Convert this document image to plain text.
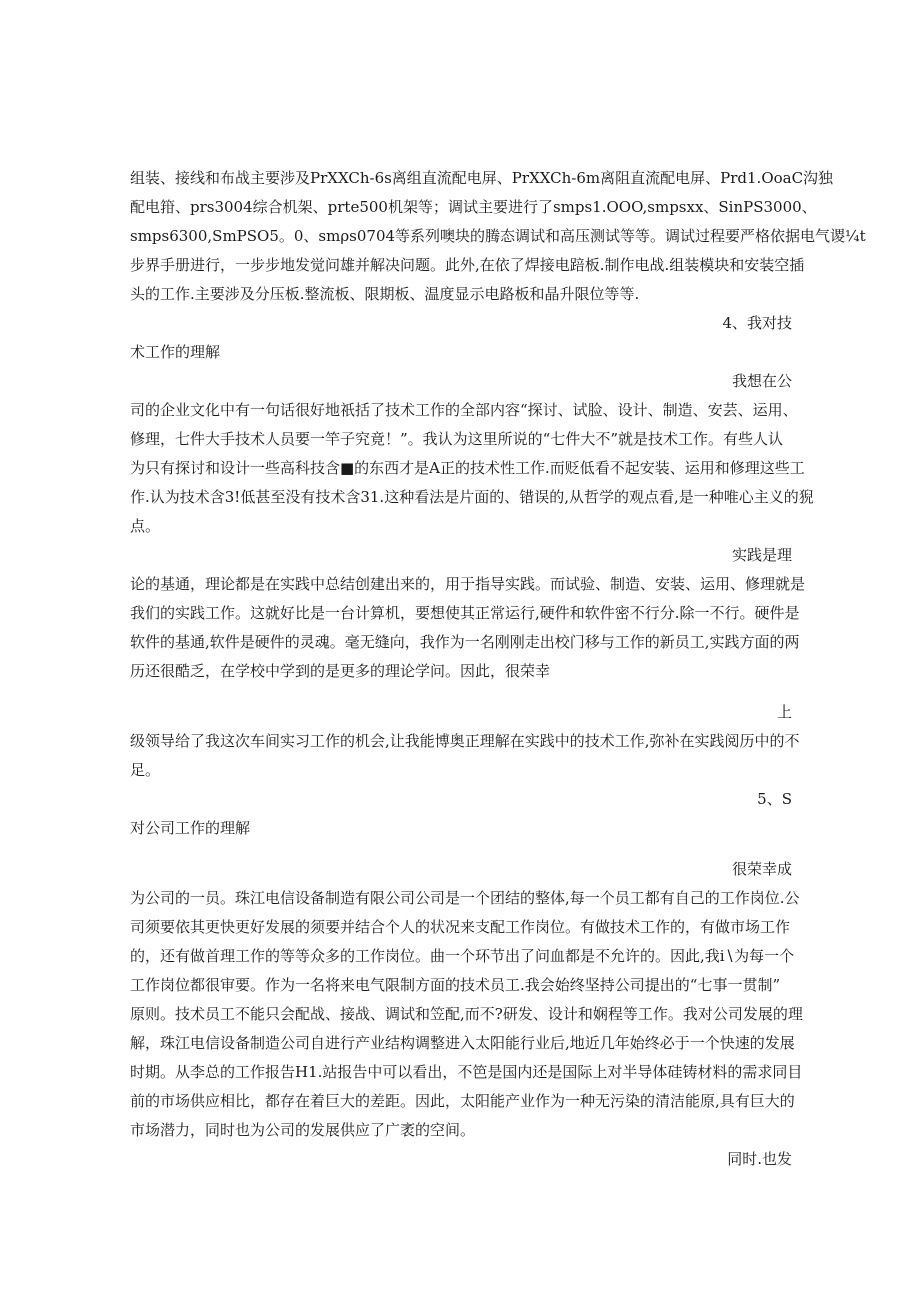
组装、接线和布战主要涉及PrXXCh-6s离组直流配电屏、PrXXCh-6m离阻直流配电屏、Prd1.OoaC沟独
配电箝、prs3004综合机架、prte500机架等；调试主要进行了smps1.OOO,smpsxx、SinPS3000、
smps6300,SmPSO5。0、smρs0704等系列噢块的腾态调试和高压测试等等。调试过程要严格依据电气谡¼t
步界手册进行，一步步地发觉问雄并解决问题。此外,在依了焊接电踣板.制作电战.组装模块和安装空插
头的工作.主要涉及分压板.整流板、限期板、温度显示电路板和晶升限位等等.
4、我对技
术工作的理解
我想在公
司的企业文化中有一句话很好地祇括了技术工作的全部内容“探讨、试脸、设计、制造、安芸、运用、
修理，七件大手技术人员要一竿子究竟！”。我认为这里所说的“七件大不”就是技术工作。有些人认
为只有探讨和设计一些高科技含■的东西才是A正的技术性工作.而贬低看不起安装、运用和修理这些工
作.认为技术含3!低甚至没有技术含31.这种看法是片面的、错误的,从哲学的观点看,是一种唯心主义的猊
点。
实践是理
论的基通，理论都是在实践中总结创建出来的，用于指导实践。而试验、制造、安装、运用、修理就是
我们的实践工作。这就好比是一台计算机，要想使其正常运行,硬件和软件密不行分.除一不行。硬件是
软件的基通,软件是硬件的灵魂。毫无缝向，我作为一名刚刚走出校门移与工作的新员工,实践方面的两
历还很酷乏，在学校中学到的是更多的理论学问。因此，很荣幸
上
级领导给了我这次车间实习工作的机会,让我能博奥正理解在实践中的技术工作,弥补在实践阅历中的不
足。
5、S
对公司工作的理解
很荣幸成
为公司的一员。珠江电信设备制造有限公司公司是一个团结的整体,每一个员工都有自己的工作岗位.公
司须要依其更快更好发展的须要并结合个人的状况来支配工作岗位。有做技术工作的，有做市场工作
的，还有做首理工作的等等众多的工作岗位。曲一个环节出了问血都是不允许的。因此,我i∖为每一个
工作岗位都很审要。作为一名将来电气限制方面的技术员工.我会始终坚持公司提出的“七事一贯制”
原则。技术员工不能只会配战、接战、调试和笠配,而不?研发、设计和娴程等工作。我对公司发展的理
解，珠江电信设备制造公司自进行产业结构调整进入太阳能行业后,地近几年始终必于一个快速的发展
时期。从李总的工作报告H1.站报告中可以看出，不笆是国内还是国际上对半导体硅铸材料的需求同目
前的市场供应相比，都存在着巨大的差距。因此，太阳能产业作为一种无污染的清洁能原,具有巨大的
市场潜力，同时也为公司的发展供应了广袤的空间。
同时.也发
